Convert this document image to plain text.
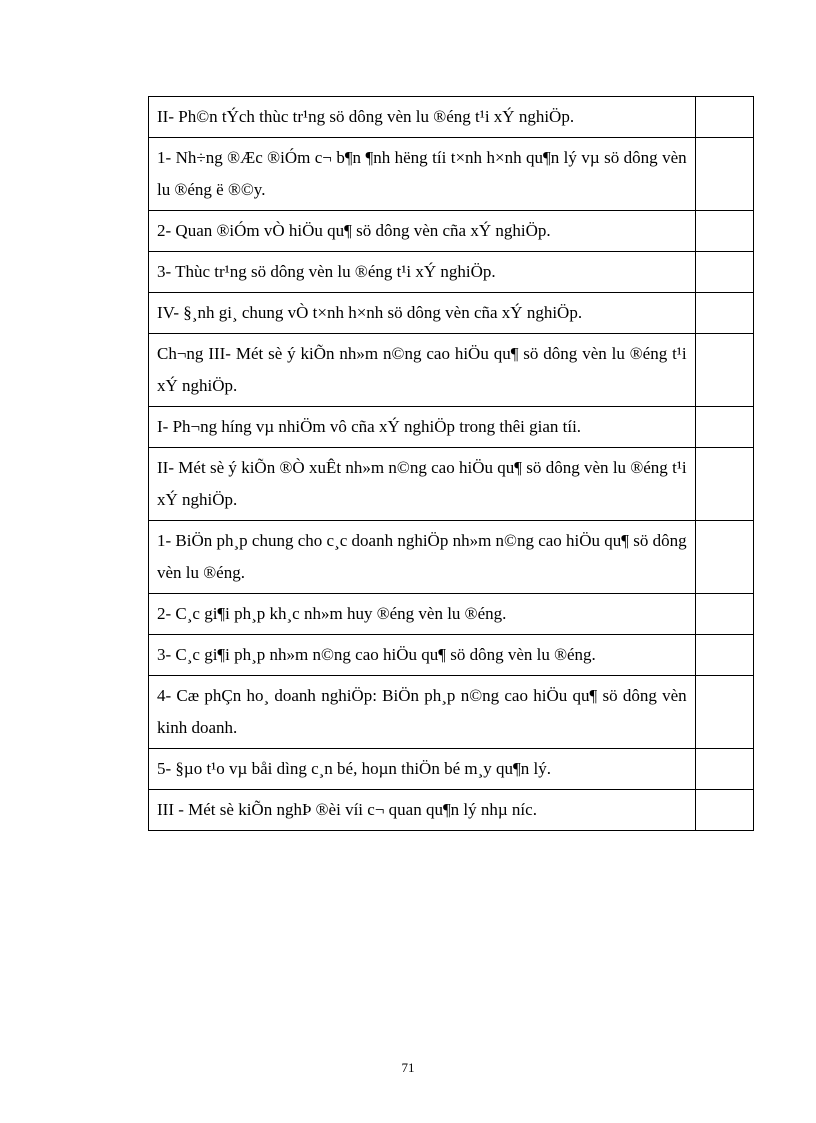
II- Ph©n tÝch thùc tr¹ng sö dông vèn lu ®éng t¹i xÝ nghiÖp.	
1- Nh÷ng ®Æc ®iÓm c¬ b¶n ¶nh hëng tíi t×nh h×nh qu¶n lý vµ sö dông vèn lu ®éng ë ®©y.	
2- Quan ®iÓm vÒ hiÖu qu¶ sö dông vèn cña xÝ nghiÖp.	
3- Thùc tr¹ng sö dông vèn lu ®éng t¹i xÝ nghiÖp.	
IV- §¸nh gi¸ chung vÒ t×nh h×nh sö dông vèn cña xÝ nghiÖp.	
Ch¬ng III- Mét sè ý kiÕn nh»m n©ng cao hiÖu qu¶ sö dông vèn lu ®éng t¹i xÝ nghiÖp.	
I- Ph¬ng híng vµ nhiÖm vô cña xÝ nghiÖp trong thêi gian tíi.	
II- Mét sè ý kiÕn ®Ò xuÊt nh»m n©ng cao hiÖu qu¶ sö dông vèn lu ®éng t¹i xÝ nghiÖp.	
1- BiÖn ph¸p chung cho c¸c doanh nghiÖp nh»m n©ng cao hiÖu qu¶ sö dông vèn lu ®éng.	
2- C¸c gi¶i ph¸p kh¸c nh»m huy ®éng vèn lu ®éng.	
3- C¸c gi¶i ph¸p nh»m n©ng cao hiÖu qu¶ sö dông vèn lu ®éng.	
4- Cæ phÇn ho¸ doanh nghiÖp: BiÖn ph¸p n©ng cao hiÖu qu¶ sö dông vèn kinh doanh.	
5- §µo t¹o vµ båi dìng c¸n bé, hoµn thiÖn bé m¸y qu¶n lý.	
III - Mét sè kiÕn nghÞ ®èi víi c¬ quan qu¶n lý nhµ níc.	
71
